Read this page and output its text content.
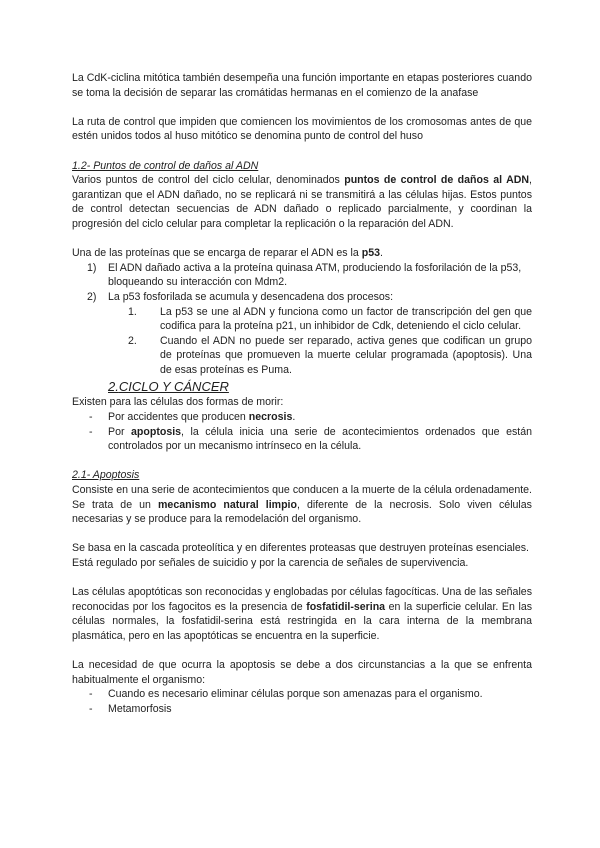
La CdK-ciclina mitótica también desempeña una función importante en etapas posteriores cuando se toma la decisión de separar las cromátidas hermanas en el comienzo de la anafase

La ruta de control que impiden que comiencen los movimientos de los cromosomas antes de que estén unidos todos al huso mitótico se denomina punto de control del huso

1.2- Puntos de control de daños al ADN

Varios puntos de control del ciclo celular, denominados puntos de control de daños al ADN, garantizan que el ADN dañado, no se replicará ni se transmitirá a las células hijas. Estos puntos de control detectan secuencias de ADN dañado o replicado parcialmente, y coordinan la progresión del ciclo celular para completar la replicación o la reparación del ADN.

Una de las proteínas que se encarga de reparar el ADN es la p53.

1) El ADN dañado activa a la proteína quinasa ATM, produciendo la fosforilación de la p53, bloqueando su interacción con Mdm2.
2) La p53 fosforilada se acumula y desencadena dos procesos:
1. La p53 se une al ADN y funciona como un factor de transcripción del gen que codifica para la proteína p21, un inhibidor de Cdk, deteniendo el ciclo celular.
2. Cuando el ADN no puede ser reparado, activa genes que codifican un grupo de proteínas que promueven la muerte celular programada (apoptosis). Una de esas proteínas es Puma.

2.CICLO Y CÁNCER

Existen para las células dos formas de morir:

- Por accidentes que producen necrosis.
- Por apoptosis, la célula inicia una serie de acontecimientos ordenados que están controlados por un mecanismo intrínseco en la célula.

2.1- Apoptosis

Consiste en una serie de acontecimientos que conducen a la muerte de la célula ordenadamente. Se trata de un mecanismo natural limpio, diferente de la necrosis. Solo viven células necesarias y se produce para la remodelación del organismo.

Se basa en la cascada proteolítica y en diferentes proteasas que destruyen proteínas esenciales.

Está regulado por señales de suicidio y por la carencia de señales de supervivencia.

Las células apoptóticas son reconocidas y englobadas por células fagocíticas. Una de las señales reconocidas por los fagocitos es la presencia de fosfatidil-serina en la superficie celular. En las células normales, la fosfatidil-serina está restringida en la cara interna de la membrana plasmática, pero en las apoptóticas se encuentra en la superficie.

La necesidad de que ocurra la apoptosis se debe a dos circunstancias a la que se enfrenta habitualmente el organismo:

- Cuando es necesario eliminar células porque son amenazas para el organismo.
- Metamorfosis
